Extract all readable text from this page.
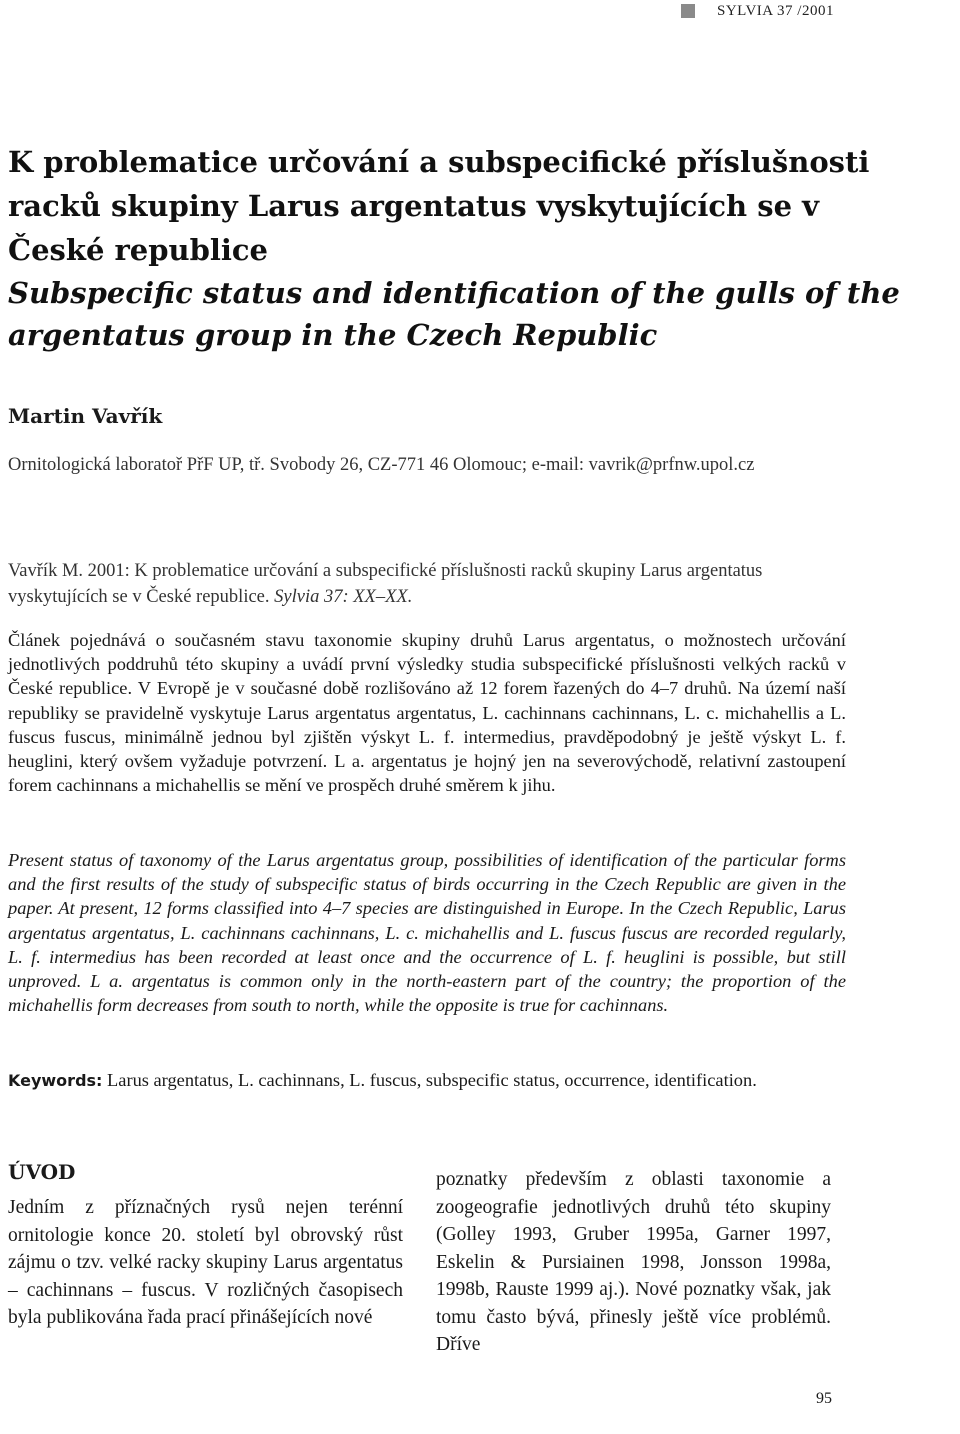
SYLVIA 37 /2001
K problematice určování a subspecifické příslušnosti racků skupiny Larus argentatus vyskytujících se v České republice
Subspecific status and identification of the gulls of the argentatus group in the Czech Republic
Martin Vavřík

Ornitologická laboratoř PřF UP, tř. Svobody 26, CZ-771 46 Olomouc; e-mail: vavrik@prfnw.upol.cz

Vavřík M. 2001: K problematice určování a subspecifické příslušnosti racků skupiny Larus argentatus vyskytujících se v České republice. Sylvia 37: XX–XX.

Článek pojednává o současném stavu taxonomie skupiny druhů Larus argentatus, o možnostech určování jednotlivých poddruhů této skupiny a uvádí první výsledky studia subspecifické příslušnosti velkých racků v České republice. V Evropě je v současné době rozlišováno až 12 forem řazených do 4–7 druhů. Na území naší republiky se pravidelně vyskytuje Larus argentatus argentatus, L. cachinnans cachinnans, L. c. michahellis a L. fuscus fuscus, minimálně jednou byl zjištěn výskyt L. f. intermedius, pravděpodobný je ještě výskyt L. f. heuglini, který ovšem vyžaduje potvrzení. L a. argentatus je hojný jen na severovýchodě, relativní zastoupení forem cachinnans a michahellis se mění ve prospěch druhé směrem k jihu.

Present status of taxonomy of the Larus argentatus group, possibilities of identification of the particular forms and the first results of the study of subspecific status of birds occurring in the Czech Republic are given in the paper. At present, 12 forms classified into 4–7 species are distinguished in Europe. In the Czech Republic, Larus argentatus argentatus, L. cachinnans cachinnans, L. c. michahellis and L. fuscus fuscus are recorded regularly, L. f. intermedius has been recorded at least once and the occurrence of L. f. heuglini is possible, but still unproved. L a. argentatus is common only in the north-eastern part of the country; the proportion of the michahellis form decreases from south to north, while the opposite is true for cachinnans.

Keywords: Larus argentatus, L. cachinnans, L. fuscus, subspecific status, occurrence, identification.

ÚVOD

Jedním z příznačných rysů nejen terénní ornitologie konce 20. století byl obrovský růst zájmu o tzv. velké racky skupiny Larus argentatus – cachinnans – fuscus. V rozličných časopisech byla publikována řada prací přinášejících nové

poznatky především z oblasti taxonomie a zoogeografie jednotlivých druhů této skupiny (Golley 1993, Gruber 1995a, Garner 1997, Eskelin & Pursiainen 1998, Jonsson 1998a, 1998b, Rauste 1999 aj.). Nové poznatky však, jak tomu často bývá, přinesly ještě více problémů. Dříve

95
